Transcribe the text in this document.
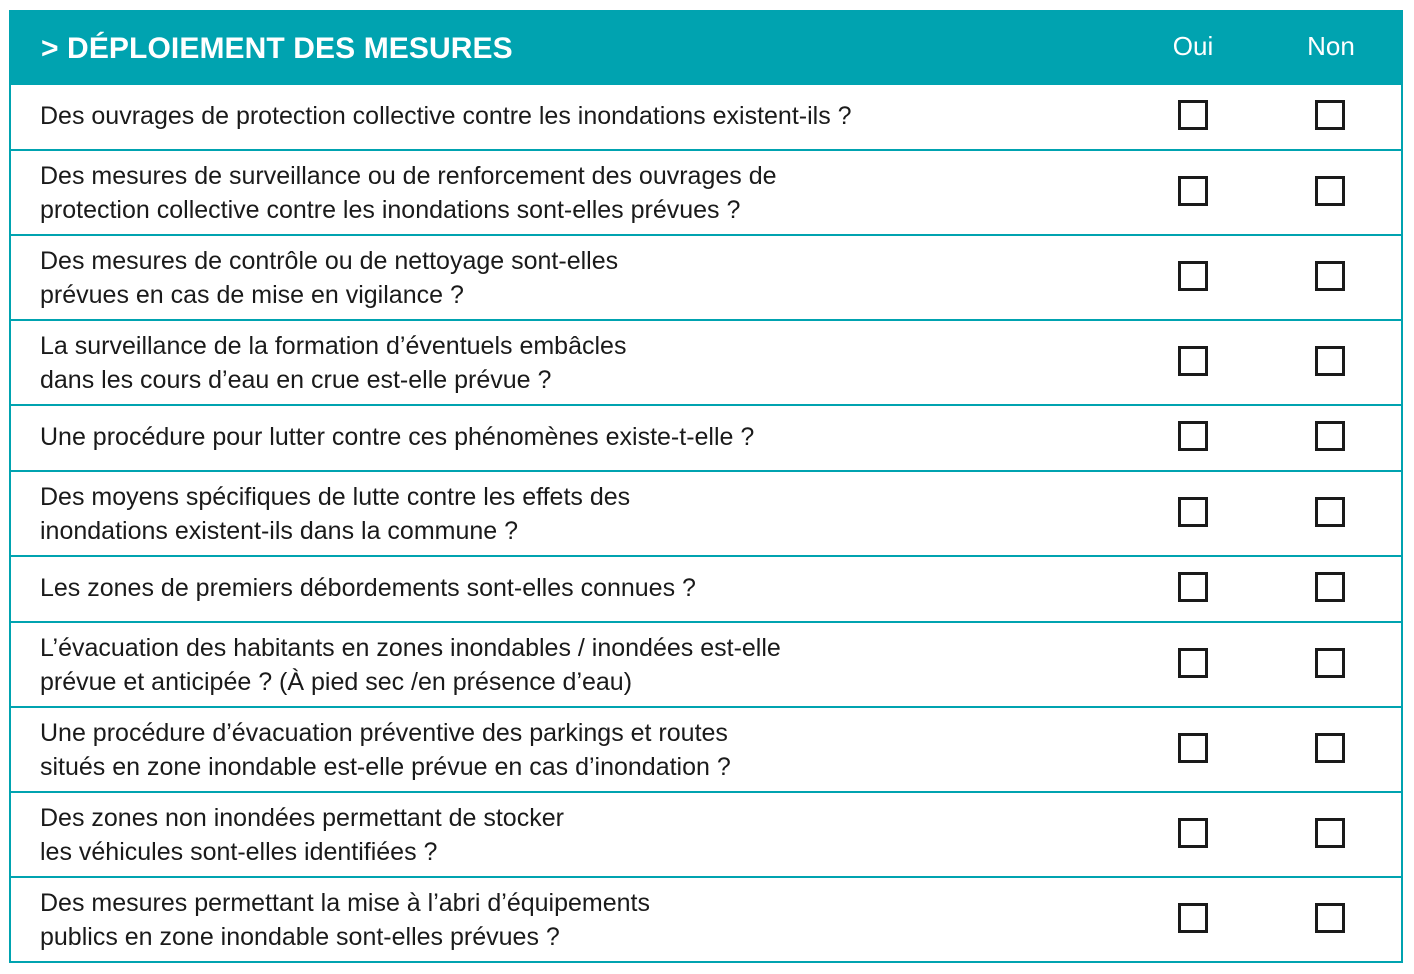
> DÉPLOIEMENT DES MESURES	Oui	Non
Des ouvrages de protection collective contre les inondations existent-ils ?
Des mesures de surveillance ou de renforcement des ouvrages de
protection collective contre les inondations sont-elles prévues ?
Des mesures de contrôle ou de nettoyage sont-elles
prévues en cas de mise en vigilance ?
La surveillance de la formation d’éventuels embâcles
dans les cours d’eau en crue est-elle prévue ?
Une procédure pour lutter contre ces phénomènes existe-t-elle ?
Des moyens spécifiques de lutte contre les effets des
inondations existent-ils dans la commune ?
Les zones de premiers débordements sont-elles connues ?
L’évacuation des habitants en zones inondables / inondées est-elle
prévue et anticipée ? (À pied sec /en présence d’eau)
Une procédure d’évacuation préventive des parkings et routes
situés en zone inondable est-elle prévue en cas d’inondation ?
Des zones non inondées permettant de stocker
les véhicules sont-elles identifiées ?
Des mesures permettant la mise à l’abri d’équipements
publics en zone inondable sont-elles prévues ?
